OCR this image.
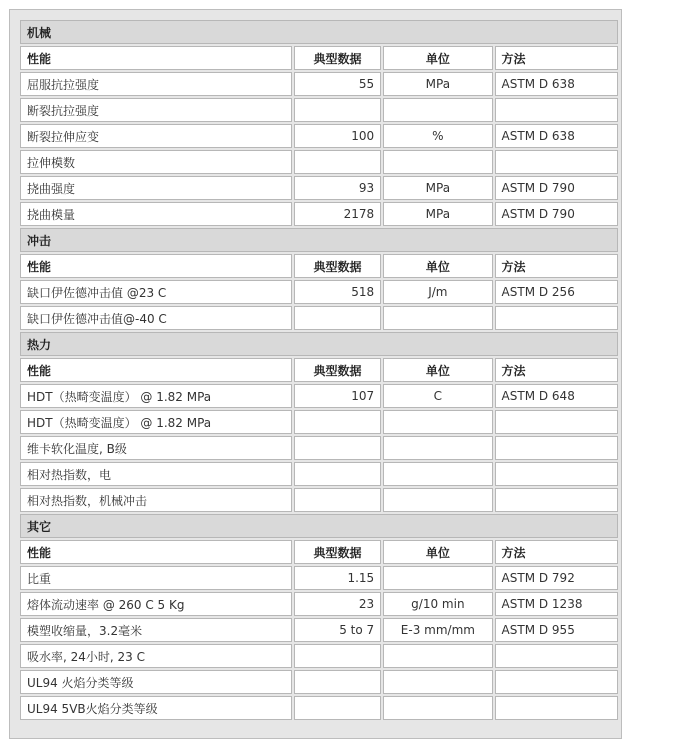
机械			
性能	典型数据	单位	方法
屈服抗拉强度	55	MPa	ASTM D 638
断裂抗拉强度			
断裂拉伸应变	100	%	ASTM D 638
拉伸模数			
挠曲强度	93	MPa	ASTM D 790
挠曲模量	2178	MPa	ASTM D 790
冲击			
性能	典型数据	单位	方法
缺口伊佐德冲击值 @23 C	518	J/m	ASTM D 256
缺口伊佐德冲击值@-40 C			
热力			
性能	典型数据	单位	方法
HDT（热畸变温度） @ 1.82 MPa	107	C	ASTM D 648
HDT（热畸变温度） @ 1.82 MPa			
维卡软化温度, B级			
相对热指数，电			
相对热指数，机械冲击			
其它			
性能	典型数据	单位	方法
比重	1.15		ASTM D 792
熔体流动速率 @ 260 C 5 Kg	23	g/10 min	ASTM D 1238
模塑收缩量，3.2毫米	5 to 7	E-3 mm/mm	ASTM D 955
吸水率, 24小时, 23 C			
UL94 火焰分类等级			
UL94 5VB火焰分类等级			
